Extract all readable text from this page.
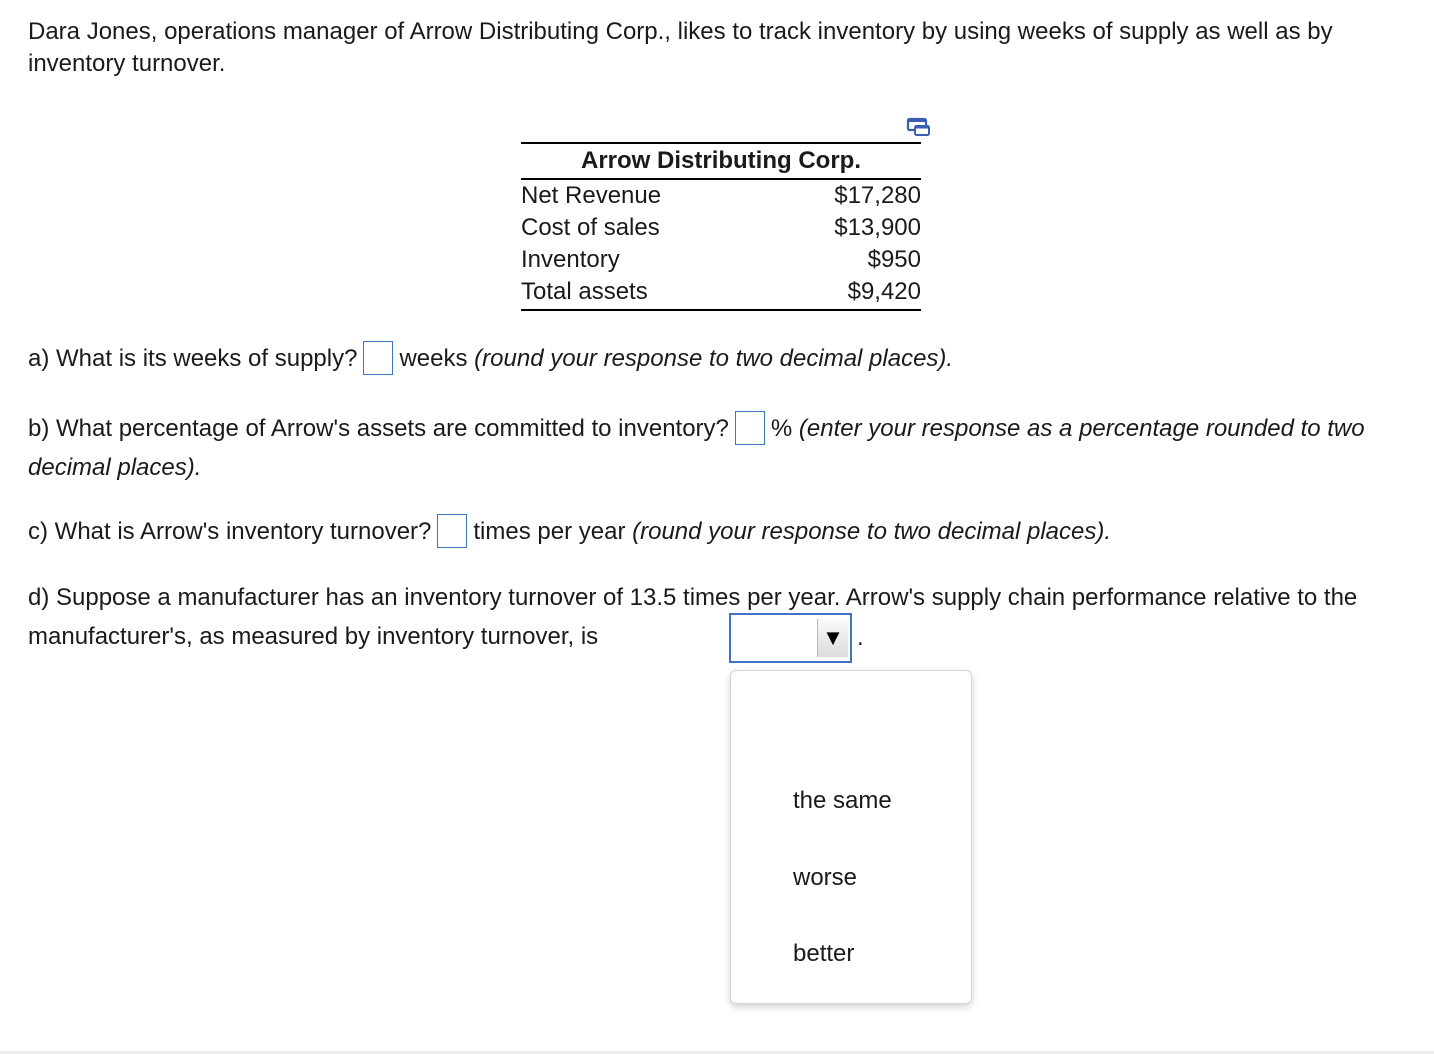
Dara Jones, operations manager of Arrow Distributing Corp., likes to track inventory by using weeks of supply as well as by inventory turnover.

Arrow Distributing Corp.
Net Revenue	$17,280
Cost of sales	$13,900
Inventory	$950
Total assets	$9,420

a) What is its weeks of supply? weeks (round your response to two decimal places).

b) What percentage of Arrow's assets are committed to inventory? % (enter your response as a percentage rounded to two decimal places).

c) What is Arrow's inventory turnover? times per year (round your response to two decimal places).

d) Suppose a manufacturer has an inventory turnover of 13.5 times per year. Arrow's supply chain performance relative to the manufacturer's, as measured by inventory turnover, is	▼ .
the same
worse
better
